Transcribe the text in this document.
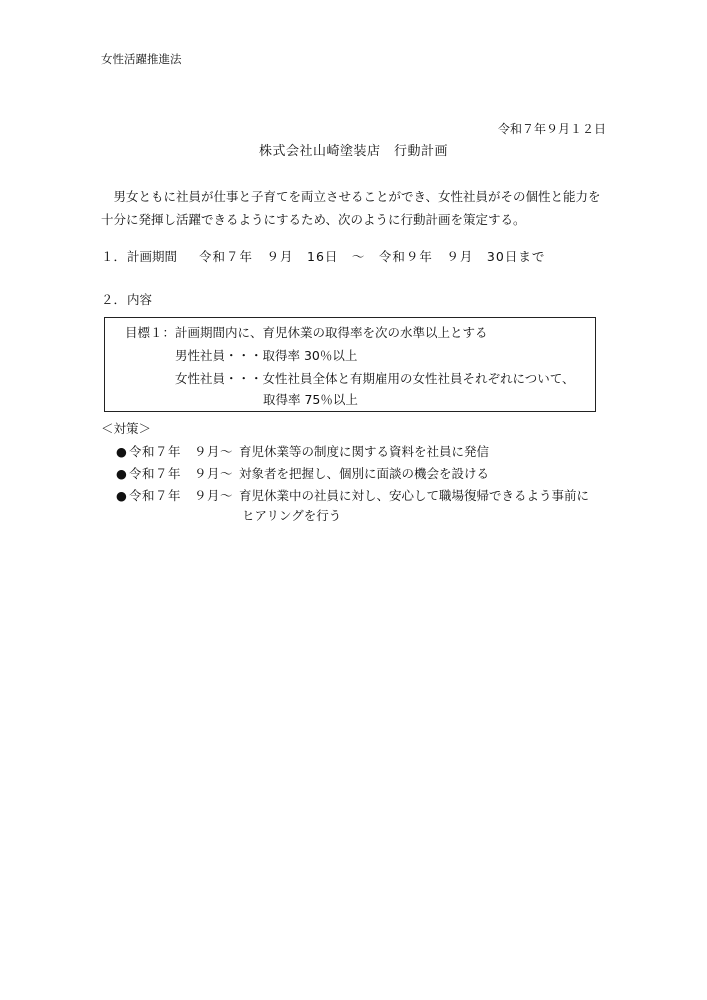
女性活躍推進法
令和７年９月１２日
株式会社山崎塗装店　行動計画
　男女ともに社員が仕事と子育てを両立させることができ、女性社員がその個性と能力を
十分に発揮し活躍できるようにするため、次のように行動計画を策定する。
１．計画期間 令和７年　９月　16日　～　令和９年　９月　30日まで
２．内容
目標１：計画期間内に、育児休業の取得率を次の水準以上とする
男性社員・・・取得率 30％以上
女性社員・・・女性社員全体と有期雇用の女性社員それぞれについて、
取得率 75％以上
＜対策＞
● 令和７年　９月～ 育児休業等の制度に関する資料を社員に発信
● 令和７年　９月～ 対象者を把握し、個別に面談の機会を設ける
● 令和７年　９月～ 育児休業中の社員に対し、安心して職場復帰できるよう事前に
ヒアリングを行う
